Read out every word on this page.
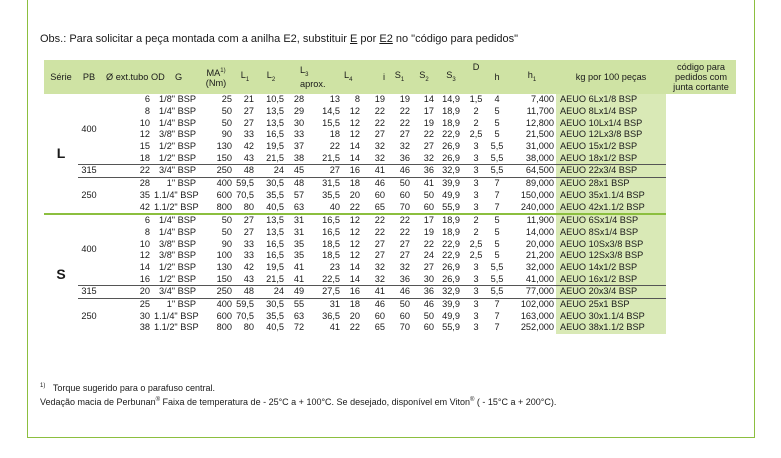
Obs.: Para solicitar a peça montada com a anilha E2, substituir E por E2 no "código para pedidos"
Série	PB	Ø ext.tubo OD G		MA$^{1)}$
(Nm)	$L_1$	$L_2$	$L_3$
aprox.		$L_4$	i	$S_1$	$S_2$	$S_3$	D	h	$h_1$	kg por 100 peças	código para pedidos com junta cortante
L	400	6	1/8" BSP	25	21	10,5	28	13	8	19	19	14	14,9	1,5	4	7,400	AEUO 6Lx1/8 BSP	
		8	1/4" BSP	50	27	13,5	29	14,5	12	22	22	17	18,9	2	5	11,700	AEUO 8Lx1/4 BSP	
		10	1/4" BSP	50	27	13,5	30	15,5	12	22	22	19	18,9	2	5	12,800	AEUO 10Lx1/4 BSP	
		12	3/8" BSP	90	33	16,5	33	18	12	27	27	22	22,9	2,5	5	21,500	AEUO 12Lx3/8 BSP	
		15	1/2" BSP	130	42	19,5	37	22	14	32	32	27	26,9	3	5,5	31,000	AEUO 15x1/2 BSP	
		18	1/2" BSP	150	43	21,5	38	21,5	14	32	36	32	26,9	3	5,5	38,000	AEUO 18x1/2 BSP	
	315	22	3/4" BSP	250	48	24	45	27	16	41	46	36	32,9	3	5,5	64,500	AEUO 22x3/4 BSP	
	250	28	1" BSP	400	59,5	30,5	48	31,5	18	46	50	41	39,9	3	7	89,000	AEUO 28x1 BSP	
		35	1.1/4" BSP	600	70,5	35,5	57	35,5	20	60	60	50	49,9	3	7	150,000	AEUO 35x1.1/4 BSP	
		42	1.1/2" BSP	800	80	40,5	63	40	22	65	70	60	55,9	3	7	240,000	AEUO 42x1.1/2 BSP	
S	400	6	1/4" BSP	50	27	13,5	31	16,5	12	22	22	17	18,9	2	5	11,900	AEUO 6Sx1/4 BSP	
		8	1/4" BSP	50	27	13,5	31	16,5	12	22	22	19	18,9	2	5	14,000	AEUO 8Sx1/4 BSP	
		10	3/8" BSP	90	33	16,5	35	18,5	12	27	27	22	22,9	2,5	5	20,000	AEUO 10Sx3/8 BSP	
		12	3/8" BSP	100	33	16,5	35	18,5	12	27	27	24	22,9	2,5	5	21,200	AEUO 12Sx3/8 BSP	
		14	1/2" BSP	130	42	19,5	41	23	14	32	32	27	26,9	3	5,5	32,000	AEUO 14x1/2 BSP	
		16	1/2" BSP	150	43	21,5	41	22,5	14	32	36	30	26,9	3	5,5	41,000	AEUO 16x1/2 BSP	
	315	20	3/4" BSP	250	48	24	49	27,5	16	41	46	36	32,9	3	5,5	77,000	AEUO 20x3/4 BSP	
	250	25	1" BSP	400	59,5	30,5	55	31	18	46	50	46	39,9	3	7	102,000	AEUO 25x1 BSP	
		30	1.1/4" BSP	600	70,5	35,5	63	36,5	20	60	60	50	49,9	3	7	163,000	AEUO 30x1.1/4 BSP	
		38	1.1/2" BSP	800	80	40,5	72	41	22	65	70	60	55,9	3	7	252,000	AEUO 38x1.1/2 BSP	
$^{1)}$ Torque sugerido para o parafuso central.
Vedação macia de Perbunan® Faixa de temperatura de - 25°C a + 100°C. Se desejado, disponível em Viton® ( - 15°C a + 200°C).
